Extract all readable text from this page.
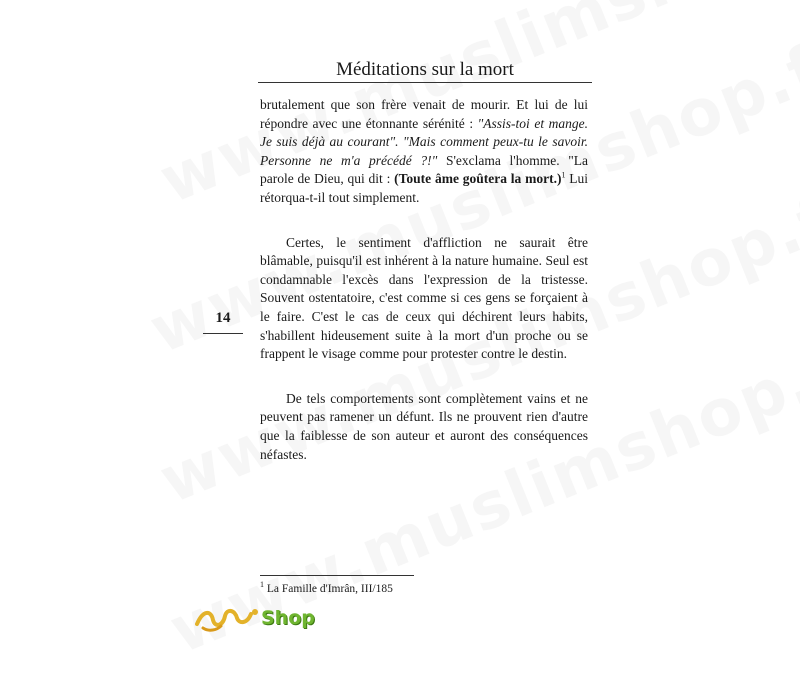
Méditations sur la mort
14

brutalement que son frère venait de mourir. Et lui de lui répondre avec une étonnante sérénité : "Assis-toi et mange. Je suis déjà au courant". "Mais comment peux-tu le savoir. Personne ne m'a précédé ?!" S'exclama l'homme. "La parole de Dieu, qui dit : (Toute âme goûtera la mort.)$^1$ Lui rétorqua-t-il tout simplement.

Certes, le sentiment d'affliction ne saurait être blâmable, puisqu'il est inhérent à la nature humaine. Seul est condamnable l'excès dans l'expression de la tristesse. Souvent ostentatoire, c'est comme si ces gens se forçaient à le faire. C'est le cas de ceux qui déchirent leurs habits, s'habillent hideusement suite à la mort d'un proche ou se frappent le visage comme pour protester contre le destin.

De tels comportements sont complètement vains et ne peuvent pas ramener un défunt. Ils ne prouvent rien d'autre que la faiblesse de son auteur et auront des conséquences néfastes.

$^1$ La Famille d'Imrân, III/185
Shop
